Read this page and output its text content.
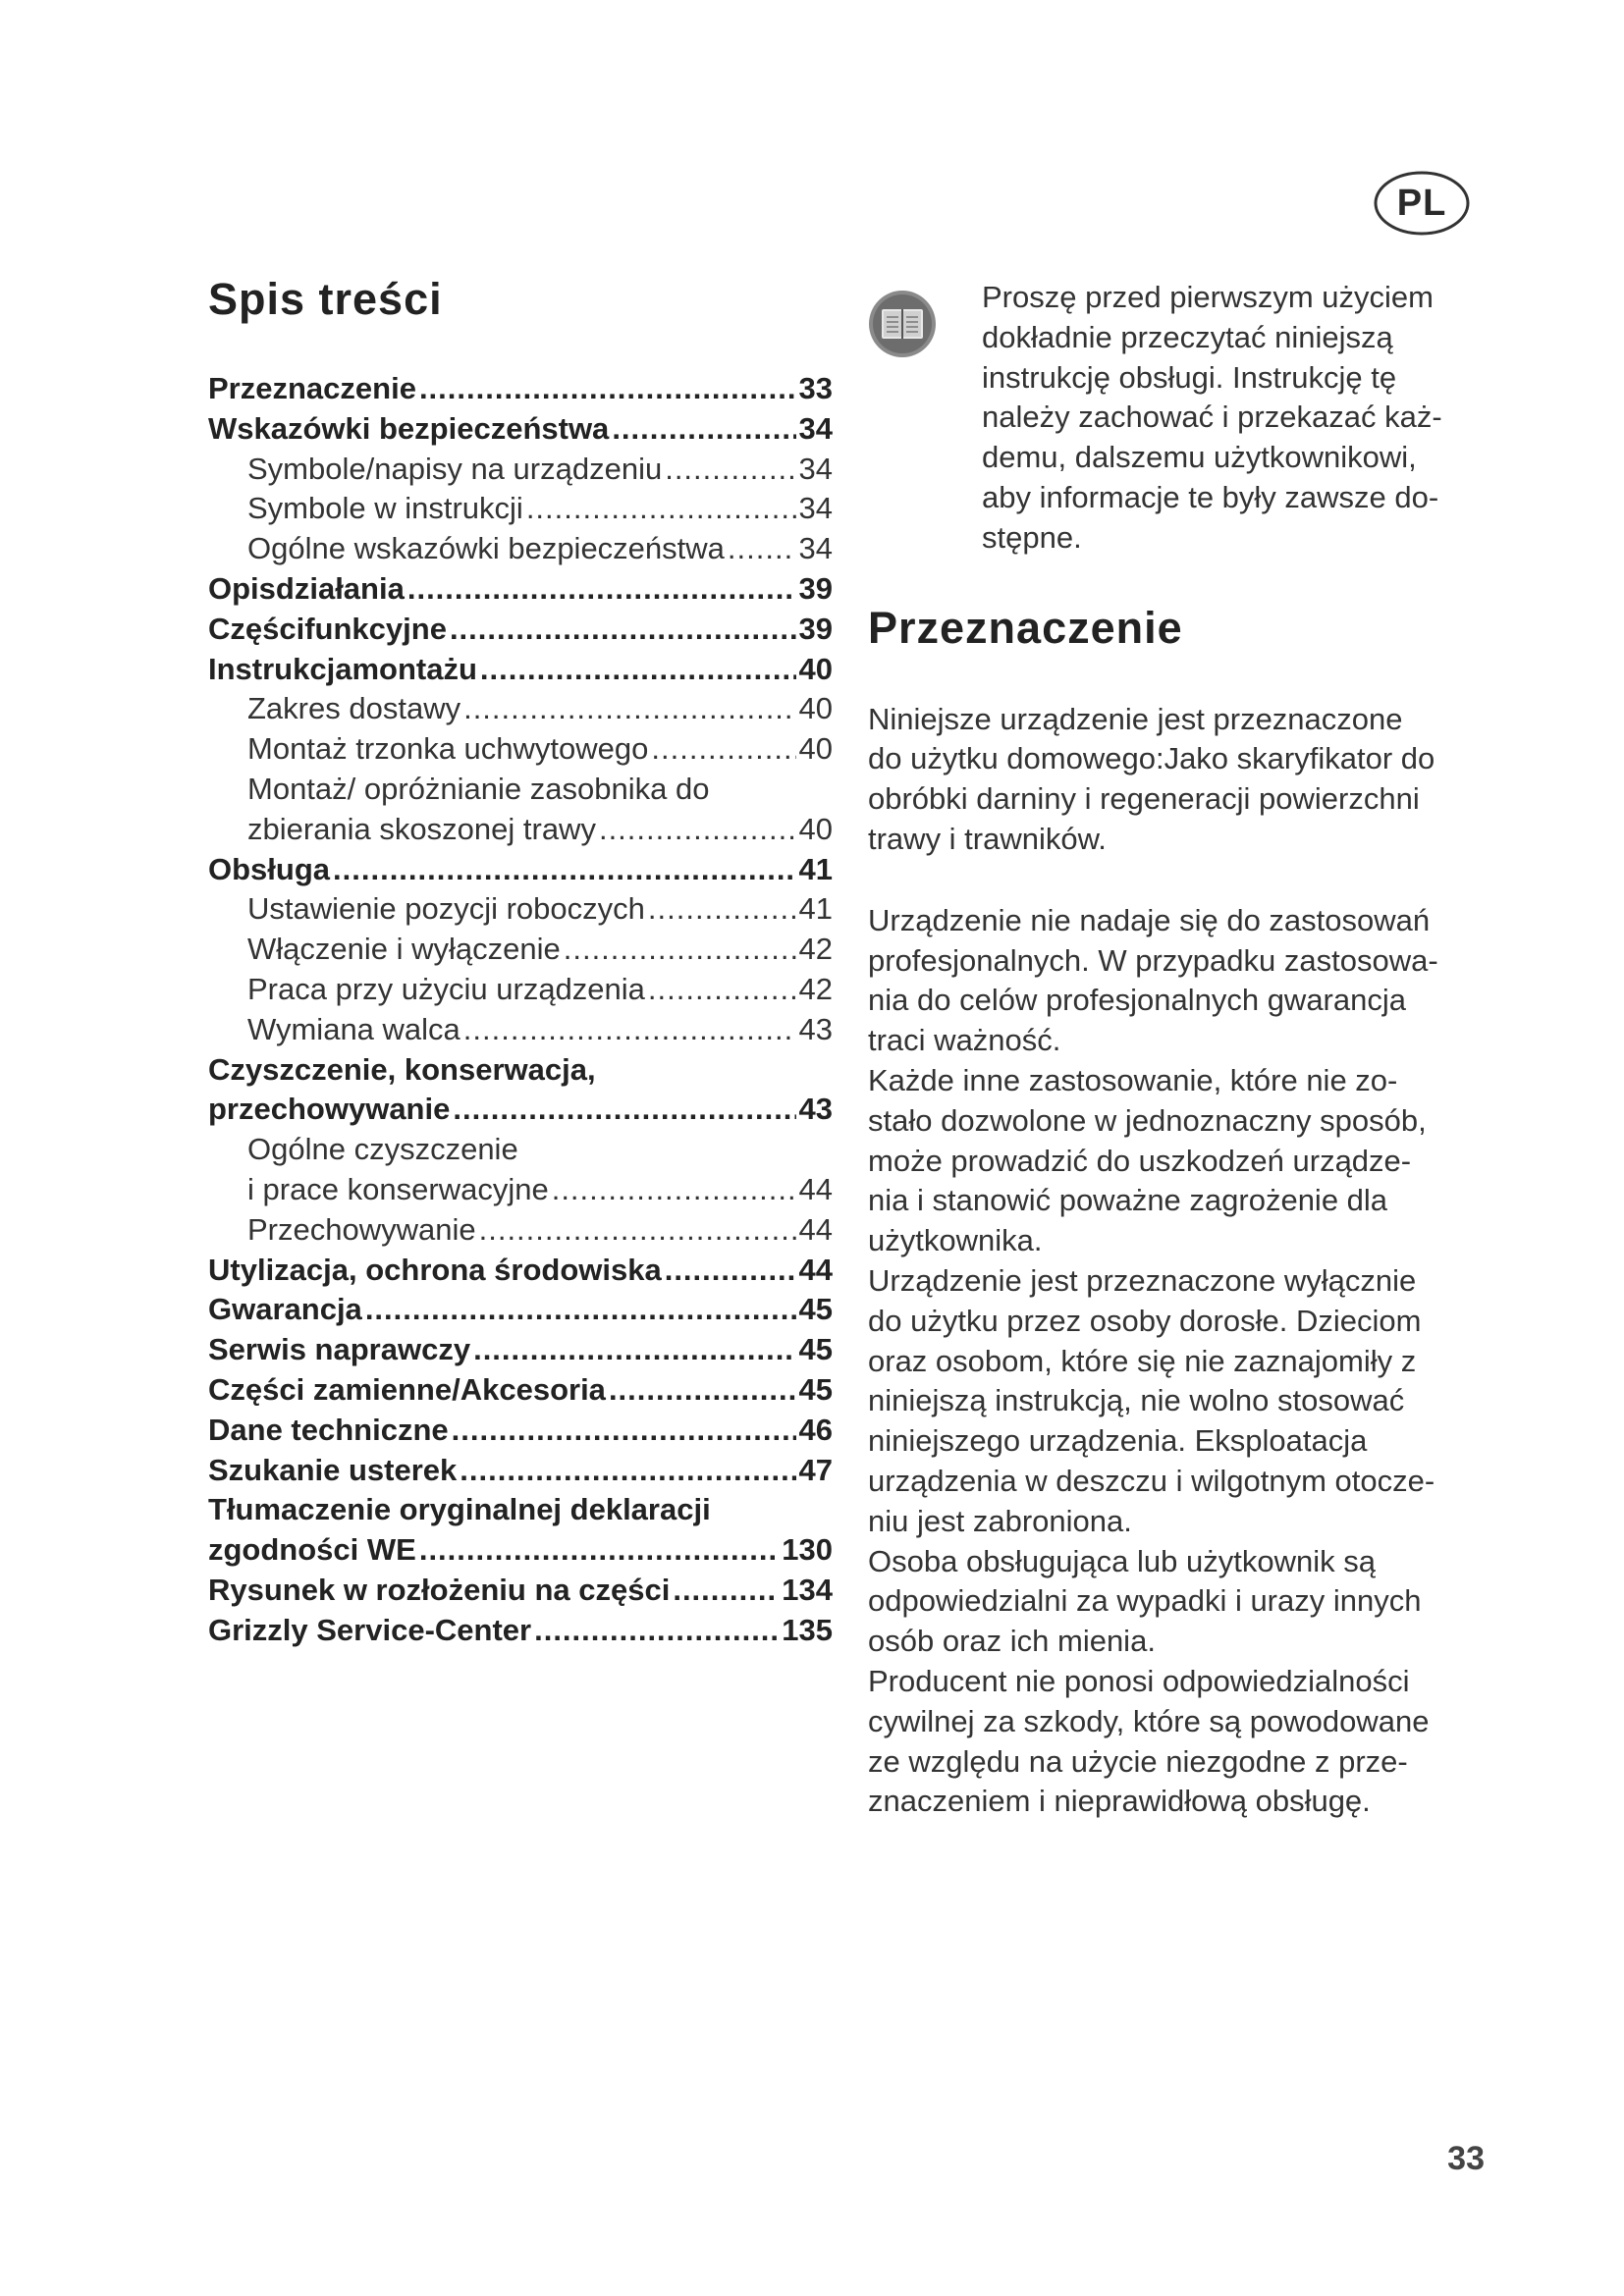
PL
Spis treści
Przeznaczenie .....	33
Wskazówki bezpieczeństwa .....	34
Symbole/napisy na urządzeniu .....	34
Symbole w instrukcji .....	34
Ogólne wskazówki bezpieczeństwa ..... 34
Opisdziałania .....	39
Częścifunkcyjne .....	39
Instrukcjamontażu .....	40
Zakres dostawy .....	40
Montaż trzonka uchwytowego .....	40
Montaż/ opróżnianie zasobnika do
zbierania skoszonej trawy .....	40
Obsługa .....	41
Ustawienie pozycji roboczych .....	41
Włączenie i wyłączenie .....	42
Praca przy użyciu urządzenia .....	42
Wymiana walca .....	43
Czyszczenie, konserwacja,
przechowywanie .....	43
Ogólne czyszczenie
i prace konserwacyjne .....	44
Przechowywanie .....	44
Utylizacja, ochrona środowiska .....	44
Gwarancja .....	45
Serwis naprawczy .....	45
Części zamienne/Akcesoria .....	45
Dane techniczne .....	46
Szukanie usterek .....	47
Tłumaczenie oryginalnej deklaracji
zgodności WE .....	130
Rysunek w rozłożeniu na części .....	134
Grizzly Service-Center .....	135
Proszę przed pierwszym użyciem
dokładnie przeczytać niniejszą
instrukcję obsługi. Instrukcję tę
należy zachować i przekazać każ-
demu, dalszemu użytkownikowi,
aby informacje te były zawsze do-
stępne.
Przeznaczenie
Niniejsze urządzenie jest przeznaczone
do użytku domowego:Jako skaryfikator do
obróbki darniny i regeneracji powierzchni
trawy i trawników.
Urządzenie nie nadaje się do zastosowań
profesjonalnych. W przypadku zastosowa-
nia do celów profesjonalnych gwarancja
traci ważność.
Każde inne zastosowanie, które nie zo-
stało dozwolone w jednoznaczny sposób,
może prowadzić do uszkodzeń urządze-
nia i stanowić poważne zagrożenie dla
użytkownika.
Urządzenie jest przeznaczone wyłącznie
do użytku przez osoby dorosłe. Dzieciom
oraz osobom, które się nie zaznajomiły z
niniejszą instrukcją, nie wolno stosować
niniejszego urządzenia. Eksploatacja
urządzenia w deszczu i wilgotnym otocze-
niu jest zabroniona.
Osoba obsługująca lub użytkownik są
odpowiedzialni za wypadki i urazy innych
osób oraz ich mienia.
Producent nie ponosi odpowiedzialności
cywilnej za szkody, które są powodowane
ze względu na użycie niezgodne z prze-
znaczeniem i nieprawidłową obsługę.
33
